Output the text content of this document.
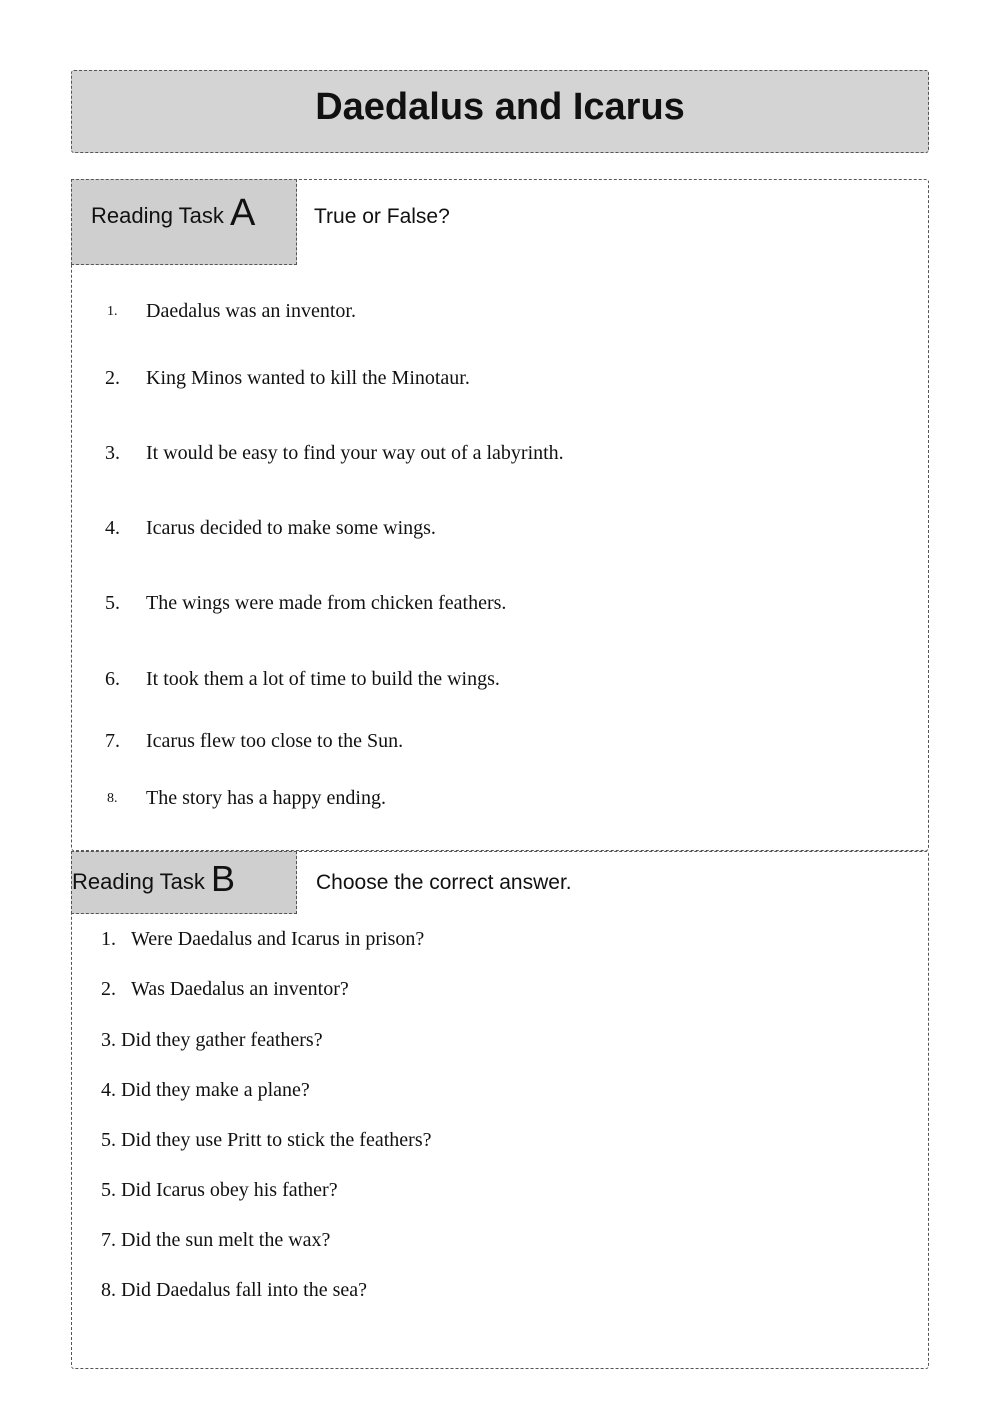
Daedalus and Icarus
Reading Task A	True or False?
1. Daedalus was an inventor.
2. King Minos wanted to kill the Minotaur.
3. It would be easy to find your way out of a labyrinth.
4. Icarus decided to make some wings.
5. The wings were made from chicken feathers.
6. It took them a lot of time to build the wings.
7. Icarus flew too close to the Sun.
8. The story has a happy ending.
Reading Task B	Choose the correct answer.
1. Were Daedalus and Icarus in prison?
2. Was Daedalus an inventor?
3. Did they gather feathers?
4. Did they make a plane?
5. Did they use Pritt to stick the feathers?
5. Did Icarus obey his father?
7. Did the sun melt the wax?
8. Did Daedalus fall into the sea?
